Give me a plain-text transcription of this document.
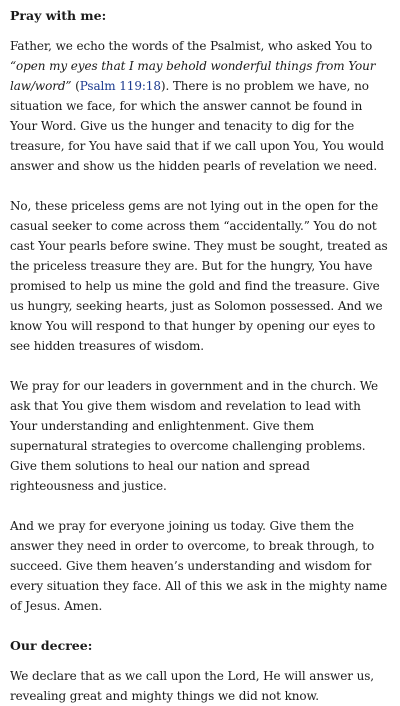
Pray with me:

Father, we echo the words of the Psalmist, who asked You to “open my eyes that I may behold wonderful things from Your law/word” (Psalm 119:18). There is no problem we have, no situation we face, for which the answer cannot be found in Your Word. Give us the hunger and tenacity to dig for the treasure, for You have said that if we call upon You, You would answer and show us the hidden pearls of revelation we need.

No, these priceless gems are not lying out in the open for the casual seeker to come across them “accidentally.” You do not cast Your pearls before swine. They must be sought, treated as the priceless treasure they are. But for the hungry, You have promised to help us mine the gold and find the treasure. Give us hungry, seeking hearts, just as Solomon possessed. And we know You will respond to that hunger by opening our eyes to see hidden treasures of wisdom.

We pray for our leaders in government and in the church. We ask that You give them wisdom and revelation to lead with Your understanding and enlightenment. Give them supernatural strategies to overcome challenging problems. Give them solutions to heal our nation and spread righteousness and justice.

And we pray for everyone joining us today. Give them the answer they need in order to overcome, to break through, to succeed. Give them heaven’s understanding and wisdom for every situation they face. All of this we ask in the mighty name of Jesus. Amen.

Our decree:

We declare that as we call upon the Lord, He will answer us, revealing great and mighty things we did not know.
